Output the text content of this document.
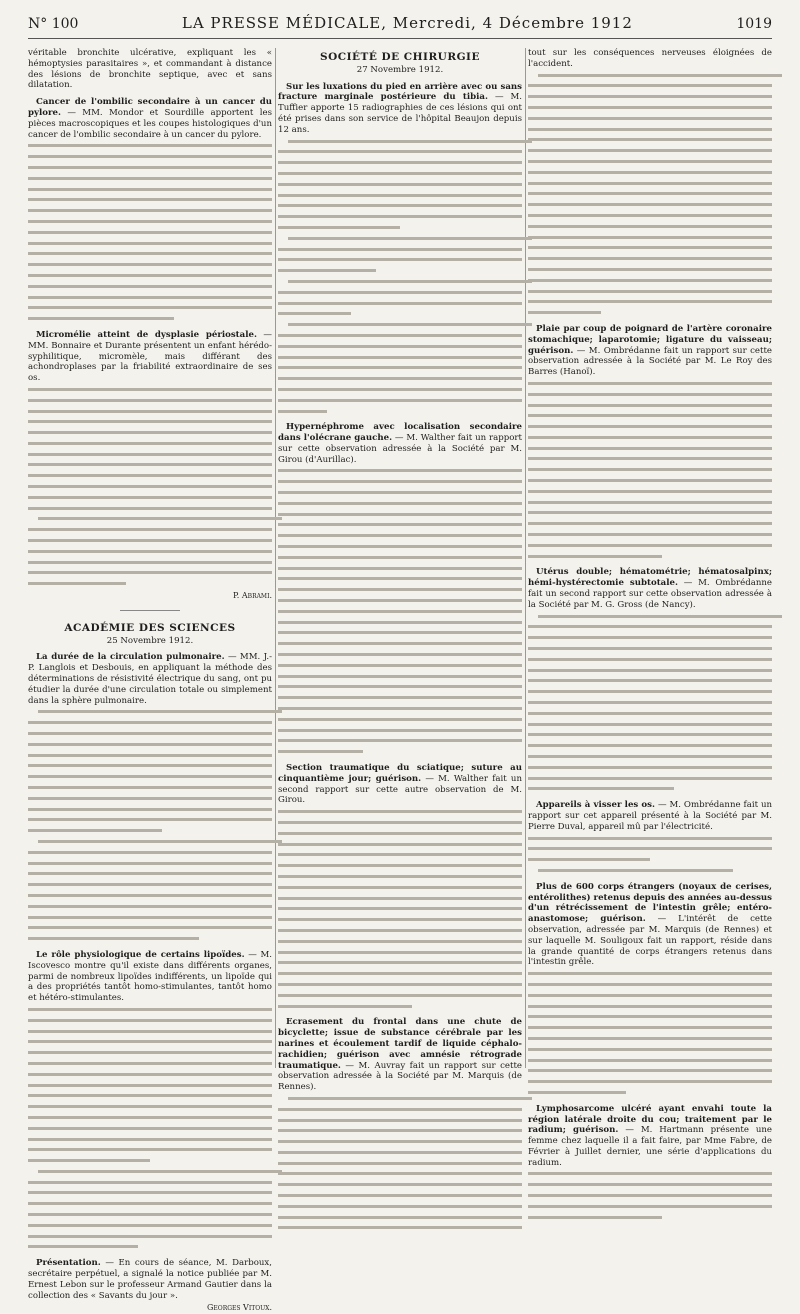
N° 100	LA PRESSE MÉDICALE, Mercredi, 4 Décembre 1912	1019
véritable bronchite ulcérative, expliquant les « hémoptysies parasitaires », et commandant à distance des lésions de bronchite septique, avec et sans dilatation.
Cancer de l'ombilic secondaire à un cancer du pylore. — MM. Mondor et Sourdille apportent les pièces macroscopiques et les coupes histologiques d'un cancer de l'ombilic secondaire à un cancer du pylore.
Micromélie atteint de dysplasie périostale. — MM. Bonnaire et Durante présentent un enfant hérédo-syphilitique, micromèle, mais différant des achondroplases par la friabilité extraordinaire de ses os.
P. Abrami.
ACADÉMIE DES SCIENCES
25 Novembre 1912.
La durée de la circulation pulmonaire. — MM. J.-P. Langlois et Desbouis, en appliquant la méthode des déterminations de résistivité électrique du sang, ont pu étudier la durée d'une circulation totale ou simplement dans la sphère pulmonaire.
Le rôle physiologique de certains lipoïdes. — M. Iscovesco montre qu'il existe dans différents organes, parmi de nombreux lipoïdes indifférents, un lipoïde qui a des propriétés tantôt homo-stimulantes, tantôt homo et hétéro-stimulantes.
Présentation. — En cours de séance, M. Darboux, secrétaire perpétuel, a signalé la notice publiée par M. Ernest Lebon sur le professeur Armand Gautier dans la collection des « Savants du jour ».
Georges Vitoux.
SOCIÉTÉ DE CHIRURGIE
27 Novembre 1912.
Sur les luxations du pied en arrière avec ou sans fracture marginale postérieure du tibia. — M. Tuffier apporte 15 radiographies de ces lésions qui ont été prises dans son service de l'hôpital Beaujon depuis 12 ans.
Hypernéphrome avec localisation secondaire dans l'olécrane gauche. — M. Walther fait un rapport sur cette observation adressée à la Société par M. Girou (d'Aurillac).
Section traumatique du sciatique; suture au cinquantième jour; guérison. — M. Walther fait un second rapport sur cette autre observation de M. Girou.
Ecrasement du frontal dans une chute de bicyclette; issue de substance cérébrale par les narines et écoulement tardif de liquide céphalo-rachidien; guérison avec amnésie rétrograde traumatique. — M. Auvray fait un rapport sur cette observation adressée à la Société par M. Marquis (de Rennes).
tout sur les conséquences nerveuses éloignées de l'accident.
Plaie par coup de poignard de l'artère coronaire stomachique; laparotomie; ligature du vaisseau; guérison. — M. Ombrédanne fait un rapport sur cette observation adressée à la Société par M. Le Roy des Barres (Hanoï).
Utérus double; hématométrie; hématosalpinx; hémi-hystérectomie subtotale. — M. Ombrédanne fait un second rapport sur cette observation adressée à la Société par M. G. Gross (de Nancy).
Appareils à visser les os. — M. Ombrédanne fait un rapport sur cet appareil présenté à la Société par M. Pierre Duval, appareil mû par l'électricité.
Plus de 600 corps étrangers (noyaux de cerises, entérolithes) retenus depuis des années au-dessus d'un rétrécissement de l'intestin grêle; entéro-anastomose; guérison. — L'intérêt de cette observation, adressée par M. Marquis (de Rennes) et sur laquelle M. Souligoux fait un rapport, réside dans la grande quantité de corps étrangers retenus dans l'intestin grêle.
Lymphosarcome ulcéré ayant envahi toute la région latérale droite du cou; traitement par le radium; guérison. — M. Hartmann présente une femme chez laquelle il a fait faire, par Mme Fabre, de Février à Juillet dernier, une série d'applications du radium.
